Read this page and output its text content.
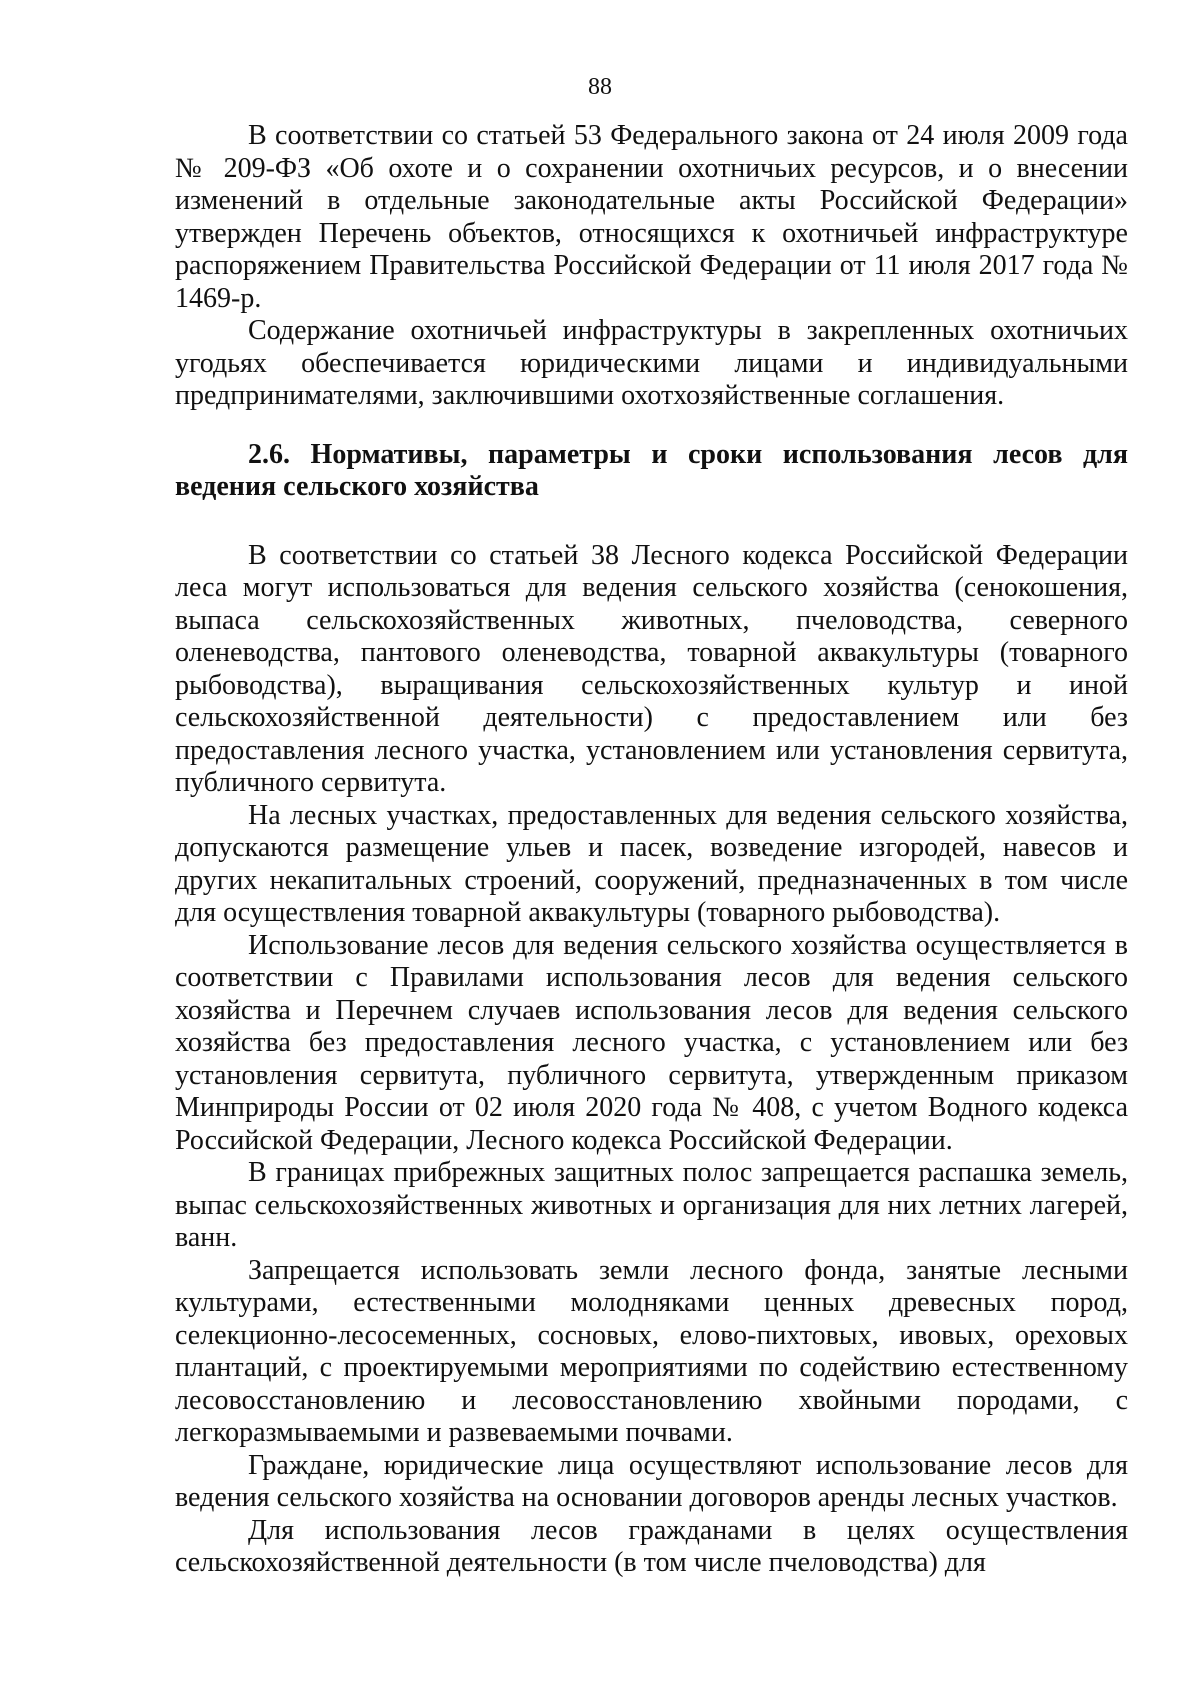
88

В соответствии со статьей 53 Федерального закона от 24 июля 2009 года № 209-ФЗ «Об охоте и о сохранении охотничьих ресурсов, и о внесении изменений в отдельные законодательные акты Российской Федерации» утвержден Перечень объектов, относящихся к охотничьей инфраструктуре распоряжением Правительства Российской Федерации от 11 июля 2017 года № 1469-р.

Содержание охотничьей инфраструктуры в закрепленных охотничьих угодьях обеспечивается юридическими лицами и индивидуальными предпринимателями, заключившими охотхозяйственные соглашения.

2.6. Нормативы, параметры и сроки использования лесов для ведения сельского хозяйства

В соответствии со статьей 38 Лесного кодекса Российской Федерации леса могут использоваться для ведения сельского хозяйства (сенокошения, выпаса сельскохозяйственных животных, пчеловодства, северного оленеводства, пантового оленеводства, товарной аквакультуры (товарного рыбоводства), выращивания сельскохозяйственных культур и иной сельскохозяйственной деятельности) с предоставлением или без предоставления лесного участка, установлением или установления сервитута, публичного сервитута.

На лесных участках, предоставленных для ведения сельского хозяйства, допускаются размещение ульев и пасек, возведение изгородей, навесов и других некапитальных строений, сооружений, предназначенных в том числе для осуществления товарной аквакультуры (товарного рыбоводства).

Использование лесов для ведения сельского хозяйства осуществляется в соответствии с Правилами использования лесов для ведения сельского хозяйства и Перечнем случаев использования лесов для ведения сельского хозяйства без предоставления лесного участка, с установлением или без установления сервитута, публичного сервитута, утвержденным приказом Минприроды России от 02 июля 2020 года № 408, с учетом Водного кодекса Российской Федерации, Лесного кодекса Российской Федерации.

В границах прибрежных защитных полос запрещается распашка земель, выпас сельскохозяйственных животных и организация для них летних лагерей, ванн.

Запрещается использовать земли лесного фонда, занятые лесными культурами, естественными молодняками ценных древесных пород, селекционно-лесосеменных, сосновых, елово-пихтовых, ивовых, ореховых плантаций, с проектируемыми мероприятиями по содействию естественному лесовосстановлению и лесовосстановлению хвойными породами, с легкоразмываемыми и развеваемыми почвами.

Граждане, юридические лица осуществляют использование лесов для ведения сельского хозяйства на основании договоров аренды лесных участков.

Для использования лесов гражданами в целях осуществления сельскохозяйственной деятельности (в том числе пчеловодства) для
